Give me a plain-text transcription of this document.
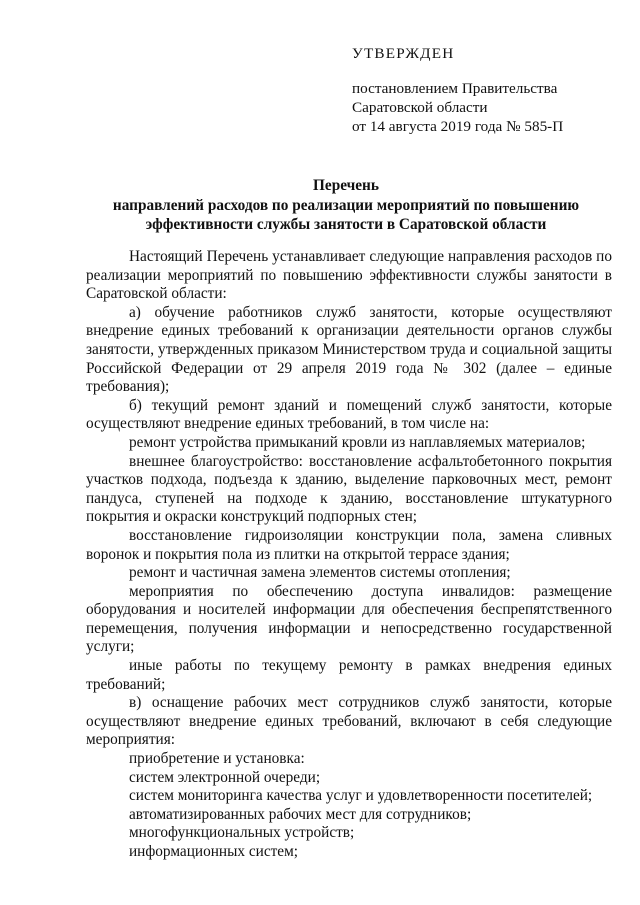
УТВЕРЖДЕН
постановлением Правительства
Саратовской области
от 14 августа 2019 года № 585-П
Перечень
направлений расходов по реализации мероприятий по повышению
эффективности службы занятости в Саратовской области
Настоящий Перечень устанавливает следующие направления расходов по реализации мероприятий по повышению эффективности службы занятости в Саратовской области:
а) обучение работников служб занятости, которые осуществляют внедрение единых требований к организации деятельности органов службы занятости, утвержденных приказом Министерством труда и социальной защиты Российской Федерации от 29 апреля 2019 года № 302 (далее – единые требования);
б) текущий ремонт зданий и помещений служб занятости, которые осуществляют внедрение единых требований, в том числе на:
ремонт устройства примыканий кровли из наплавляемых материалов;
внешнее благоустройство: восстановление асфальтобетонного покрытия участков подхода, подъезда к зданию, выделение парковочных мест, ремонт пандуса, ступеней на подходе к зданию, восстановление штукатурного покрытия и окраски конструкций подпорных стен;
восстановление гидроизоляции конструкции пола, замена сливных воронок и покрытия пола из плитки на открытой террасе здания;
ремонт и частичная замена элементов системы отопления;
мероприятия по обеспечению доступа инвалидов: размещение оборудования и носителей информации для обеспечения беспрепятственного перемещения, получения информации и непосредственно государственной услуги;
иные работы по текущему ремонту в рамках внедрения единых требований;
в) оснащение рабочих мест сотрудников служб занятости, которые осуществляют внедрение единых требований, включают в себя следующие мероприятия:
приобретение и установка:
систем электронной очереди;
систем мониторинга качества услуг и удовлетворенности посетителей;
автоматизированных рабочих мест для сотрудников;
многофункциональных устройств;
информационных систем;
